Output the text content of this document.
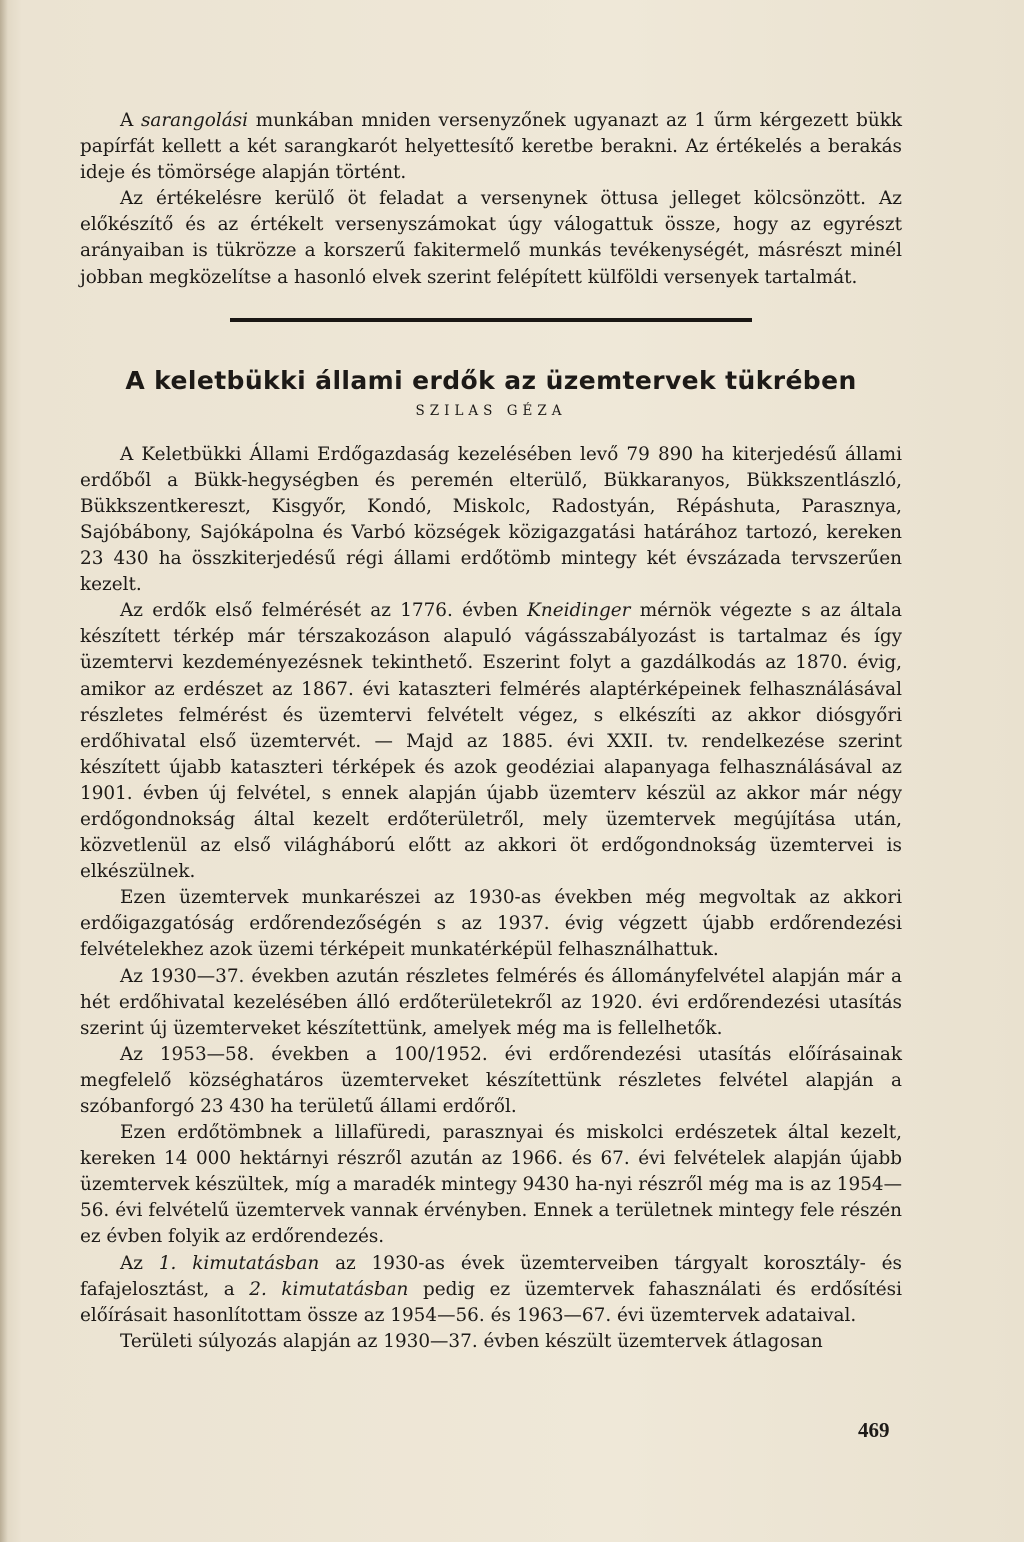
A sarangolási munkában mniden versenyzőnek ugyanazt az 1 űrm kérgezett bükk papírfát kellett a két sarangkarót helyettesítő keretbe berakni. Az értékelés a berakás ideje és tömörsége alapján történt.

Az értékelésre kerülő öt feladat a versenynek öttusa jelleget kölcsönzött. Az előkészítő és az értékelt versenyszámokat úgy válogattuk össze, hogy az egyrészt arányaiban is tükrözze a korszerű fakitermelő munkás tevékenységét, másrészt minél jobban megközelítse a hasonló elvek szerint felépített külföldi versenyek tartalmát.

A keletbükki állami erdők az üzemtervek tükrében
SZILAS GÉZA

A Keletbükki Állami Erdőgazdaság kezelésében levő 79 890 ha kiterjedésű állami erdőből a Bükk-hegységben és peremén elterülő, Bükkaranyos, Bükkszentlászló, Bükkszentkereszt, Kisgyőr, Kondó, Miskolc, Radostyán, Répáshuta, Parasznya, Sajóbábony, Sajókápolna és Varbó községek közigazgatási határához tartozó, kereken 23 430 ha összkiterjedésű régi állami erdőtömb mintegy két évszázada tervszerűen kezelt.

Az erdők első felmérését az 1776. évben Kneidinger mérnök végezte s az általa készített térkép már térszakozáson alapuló vágásszabályozást is tartalmaz és így üzemtervi kezdeményezésnek tekinthető. Eszerint folyt a gazdálkodás az 1870. évig, amikor az erdészet az 1867. évi kataszteri felmérés alaptérképeinek felhasználásával részletes felmérést és üzemtervi felvételt végez, s elkészíti az akkor diósgyőri erdőhivatal első üzemtervét. — Majd az 1885. évi XXII. tv. rendelkezése szerint készített újabb kataszteri térképek és azok geodéziai alapanyaga felhasználásával az 1901. évben új felvétel, s ennek alapján újabb üzemterv készül az akkor már négy erdőgondnokság által kezelt erdőterületről, mely üzemtervek megújítása után, közvetlenül az első világháború előtt az akkori öt erdőgondnokság üzemtervei is elkészülnek.

Ezen üzemtervek munkarészei az 1930-as években még megvoltak az akkori erdőigazgatóság erdőrendezőségén s az 1937. évig végzett újabb erdőrendezési felvételekhez azok üzemi térképeit munkatérképül felhasználhattuk.

Az 1930—37. években azután részletes felmérés és állományfelvétel alapján már a hét erdőhivatal kezelésében álló erdőterületekről az 1920. évi erdőrendezési utasítás szerint új üzemterveket készítettünk, amelyek még ma is fellelhetők.

Az 1953—58. években a 100/1952. évi erdőrendezési utasítás előírásainak megfelelő községhatáros üzemterveket készítettünk részletes felvétel alapján a szóbanforgó 23 430 ha területű állami erdőről.

Ezen erdőtömbnek a lillafüredi, parasznyai és miskolci erdészetek által kezelt, kereken 14 000 hektárnyi részről azután az 1966. és 67. évi felvételek alapján újabb üzemtervek készültek, míg a maradék mintegy 9430 ha-nyi részről még ma is az 1954—56. évi felvételű üzemtervek vannak érvényben. Ennek a területnek mintegy fele részén ez évben folyik az erdőrendezés.

Az 1. kimutatásban az 1930-as évek üzemterveiben tárgyalt korosztály- és fafajelosztást, a 2. kimutatásban pedig ez üzemtervek fahasználati és erdősítési előírásait hasonlítottam össze az 1954—56. és 1963—67. évi üzemtervek adataival.

Területi súlyozás alapján az 1930—37. évben készült üzemtervek átlagosan

469
